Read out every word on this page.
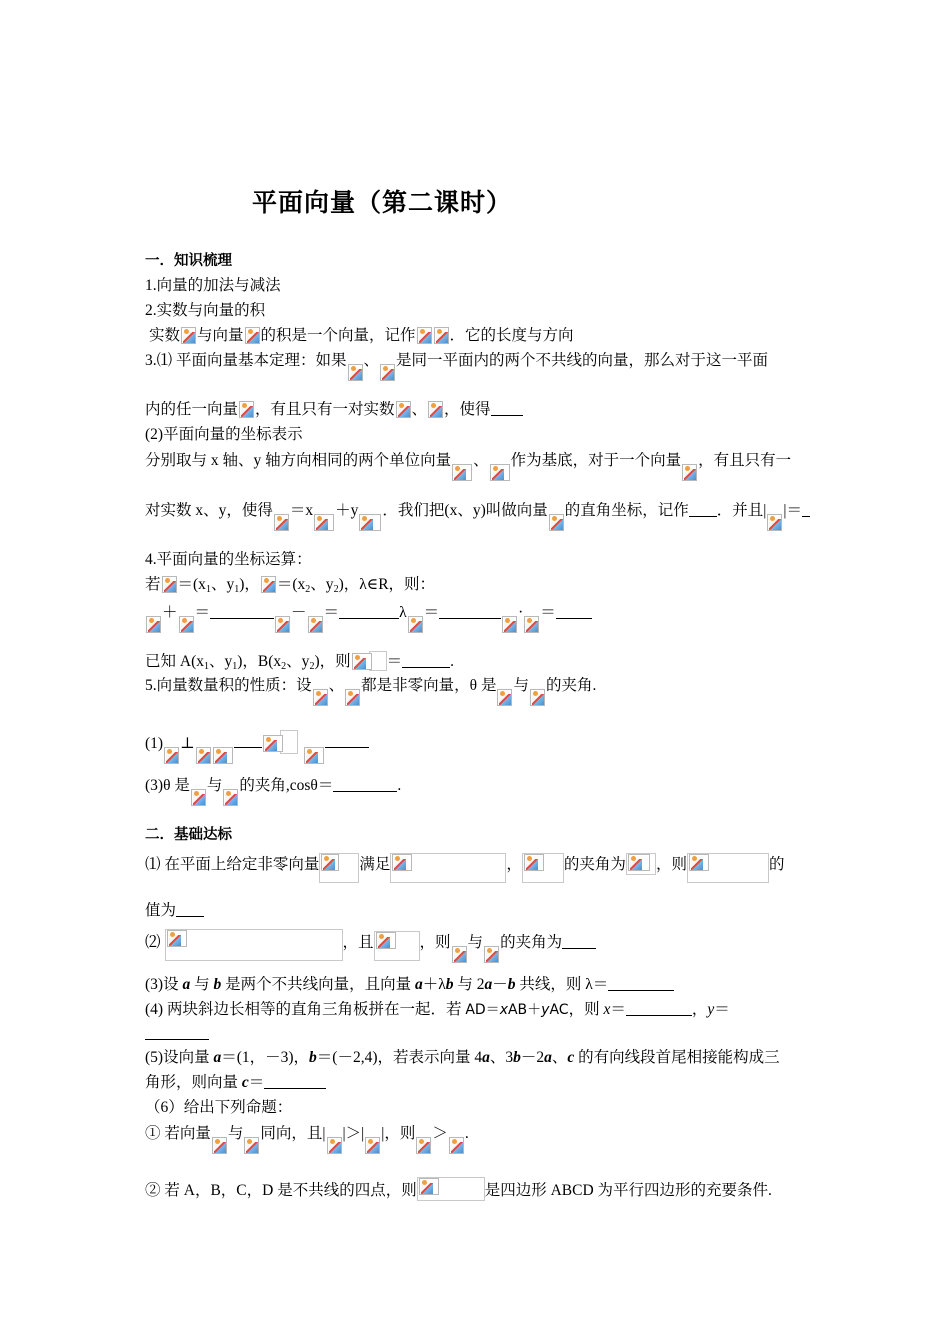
平面向量（第二课时）
一．知识梳理
1.向量的加法与减法
2.实数与向量的积
实数 与向量 的积是一个向量，记作 ．它的长度与方向
3.⑴ 平面向量基本定理：如果 、 是同一平面内的两个不共线的向量，那么对于这一平面
内的任一向量 ，有且只有一对实数 、 ，使得
(2)平面向量的坐标表示
分别取与 x 轴、y 轴方向相同的两个单位向量 、 作为基底，对于一个向量 ，有且只有一
对实数 x、y，使得 ＝x ＋y ．我们把(x、y)叫做向量 的直角坐标，记作 ．并且| |＝
4.平面向量的坐标运算：
若 $=(x_1$、$y_1$)， $=(x_2$、$y_2$)，λ∈R，则：
＋ ＝	－ ＝	λ ＝	· ＝
已知 $A(x_1$、$y_1$)，$B(x_2$、$y_2$)，则 ＝	.
5.向量数量积的性质：设 、 都是非零向量，θ 是 与 的夹角.
(1) ⊥
(3)θ 是 与 的夹角,cosθ＝	.
二．基础达标
⑴ 在平面上给定非零向量	满足	，	的夹角为 ，则	的
值为
⑵	，且	，则 与 的夹角为
(3)设 a 与 b 是两个不共线向量，且向量 a＋λb 与 2a－b 共线，则 λ＝
(4) 两块斜边长相等的直角三角板拼在一起．若 AD＝xAB＋yAC，则 x＝	，y＝
(5)设向量 a＝(1，－3)，b＝(－2,4)，若表示向量 4a、3b－2a、c 的有向线段首尾相接能构成三
角形，则向量 c＝
（6）给出下列命题：
① 若向量 与 同向，且| |＞| |，则 ＞ .
② 若 A，B，C，D 是不共线的四点，则	是四边形 ABCD 为平行四边形的充要条件.
